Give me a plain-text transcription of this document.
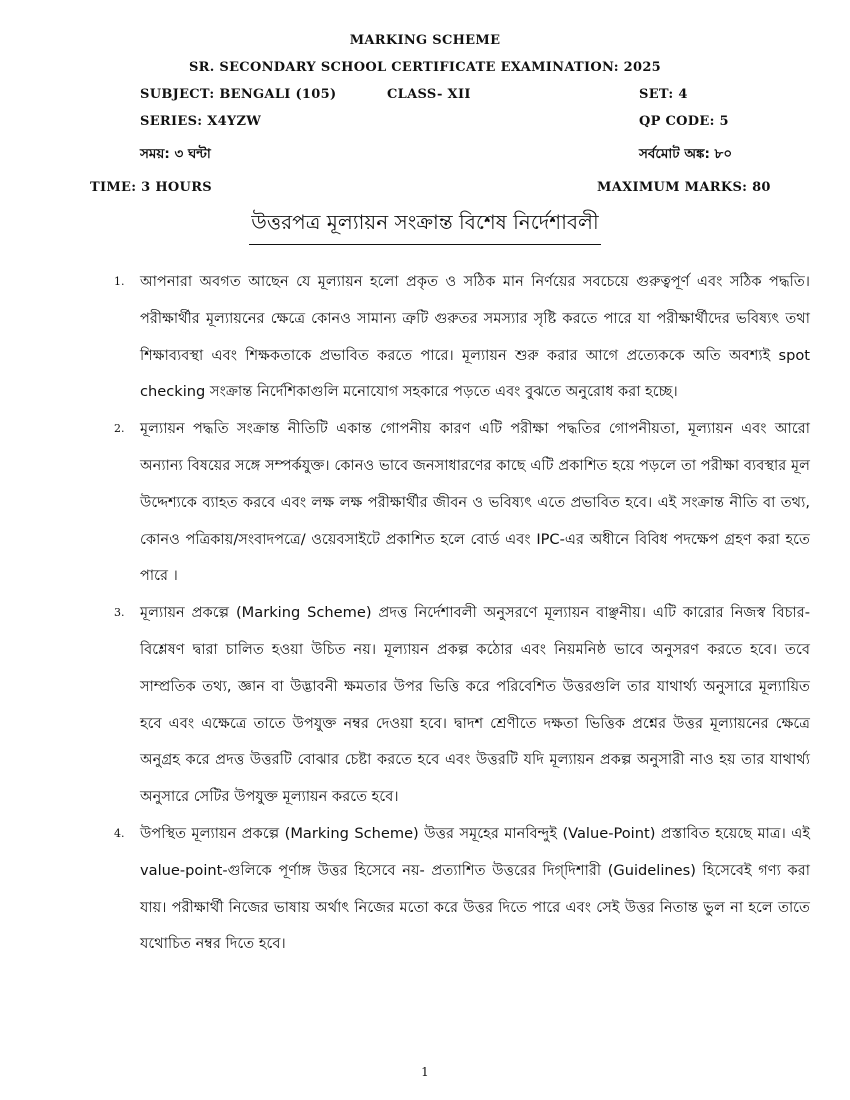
MARKING SCHEME
SR. SECONDARY SCHOOL CERTIFICATE EXAMINATION: 2025
SUBJECT: BENGALI (105)	CLASS- XII	SET: 4
SERIES: X4YZW	QP CODE: 5
সময়: ৩ ঘন্টা	সর্বমোট অঙ্ক: ৮০
TIME: 3 HOURS	MAXIMUM MARKS: 80
উত্তরপত্র মূল্যায়ন সংক্রান্ত বিশেষ নির্দেশাবলী
1. আপনারা অবগত আছেন যে মূল্যায়ন হলো প্রকৃত ও সঠিক মান নির্ণয়ের সবচেয়ে গুরুত্বপূর্ণ এবং সঠিক পদ্ধতি। পরীক্ষার্থীর মূল্যায়নের ক্ষেত্রে কোনও সামান্য ত্রুটি গুরুতর সমস্যার সৃষ্টি করতে পারে যা পরীক্ষার্থীদের ভবিষ্যৎ তথা শিক্ষাব্যবস্থা এবং শিক্ষকতাকে প্রভাবিত করতে পারে। মূল্যায়ন শুরু করার আগে প্রত্যেককে অতি অবশ্যই spot checking সংক্রান্ত নির্দেশিকাগুলি মনোযোগ সহকারে পড়তে এবং বুঝতে অনুরোধ করা হচ্ছে।
2. মূল্যায়ন পদ্ধতি সংক্রান্ত নীতিটি একান্ত গোপনীয় কারণ এটি পরীক্ষা পদ্ধতির গোপনীয়তা, মূল্যায়ন এবং আরো অন্যান্য বিষয়ের সঙ্গে সম্পর্কযুক্ত। কোনও ভাবে জনসাধারণের কাছে এটি প্রকাশিত হয়ে পড়লে তা পরীক্ষা ব্যবস্থার মূল উদ্দেশ্যকে ব্যাহত করবে এবং লক্ষ লক্ষ পরীক্ষার্থীর জীবন ও ভবিষ্যৎ এতে প্রভাবিত হবে। এই সংক্রান্ত নীতি বা তথ্য, কোনও পত্রিকায়/সংবাদপত্রে/ ওয়েবসাইটে প্রকাশিত হলে বোর্ড এবং IPC-এর অধীনে বিবিধ পদক্ষেপ গ্রহণ করা হতে পারে ।
3. মূল্যায়ন প্রকল্পে (Marking Scheme) প্রদত্ত নির্দেশাবলী অনুসরণে মূল্যায়ন বাঞ্ছনীয়। এটি কারোর নিজস্ব বিচার-বিশ্লেষণ দ্বারা চালিত হওয়া উচিত নয়। মূল্যায়ন প্রকল্প কঠোর এবং নিয়মনিষ্ঠ ভাবে অনুসরণ করতে হবে। তবে সাম্প্রতিক তথ্য, জ্ঞান বা উদ্ভাবনী ক্ষমতার উপর ভিত্তি করে পরিবেশিত উত্তরগুলি তার যাথার্থ্য অনুসারে মূল্যায়িত হবে এবং এক্ষেত্রে তাতে উপযুক্ত নম্বর দেওয়া হবে। দ্বাদশ শ্রেণীতে দক্ষতা ভিত্তিক প্রশ্নের উত্তর মূল্যায়নের ক্ষেত্রে অনুগ্রহ করে প্রদত্ত উত্তরটি বোঝার চেষ্টা করতে হবে এবং উত্তরটি যদি মূল্যায়ন প্রকল্প অনুসারী নাও হয় তার যাথার্থ্য অনুসারে সেটির উপযুক্ত মূল্যায়ন করতে হবে।
4. উপস্থিত মূল্যায়ন প্রকল্পে (Marking Scheme) উত্তর সমূহের মানবিন্দুই (Value-Point) প্রস্তাবিত হয়েছে মাত্র। এই value-point-গুলিকে পূর্ণাঙ্গ উত্তর হিসেবে নয়- প্রত্যাশিত উত্তরের দিগ্‌দিশারী (Guidelines) হিসেবেই গণ্য করা যায়। পরীক্ষার্থী নিজের ভাষায় অর্থাৎ নিজের মতো করে উত্তর দিতে পারে এবং সেই উত্তর নিতান্ত ভুল না হলে তাতে যথোচিত নম্বর দিতে হবে।
1
